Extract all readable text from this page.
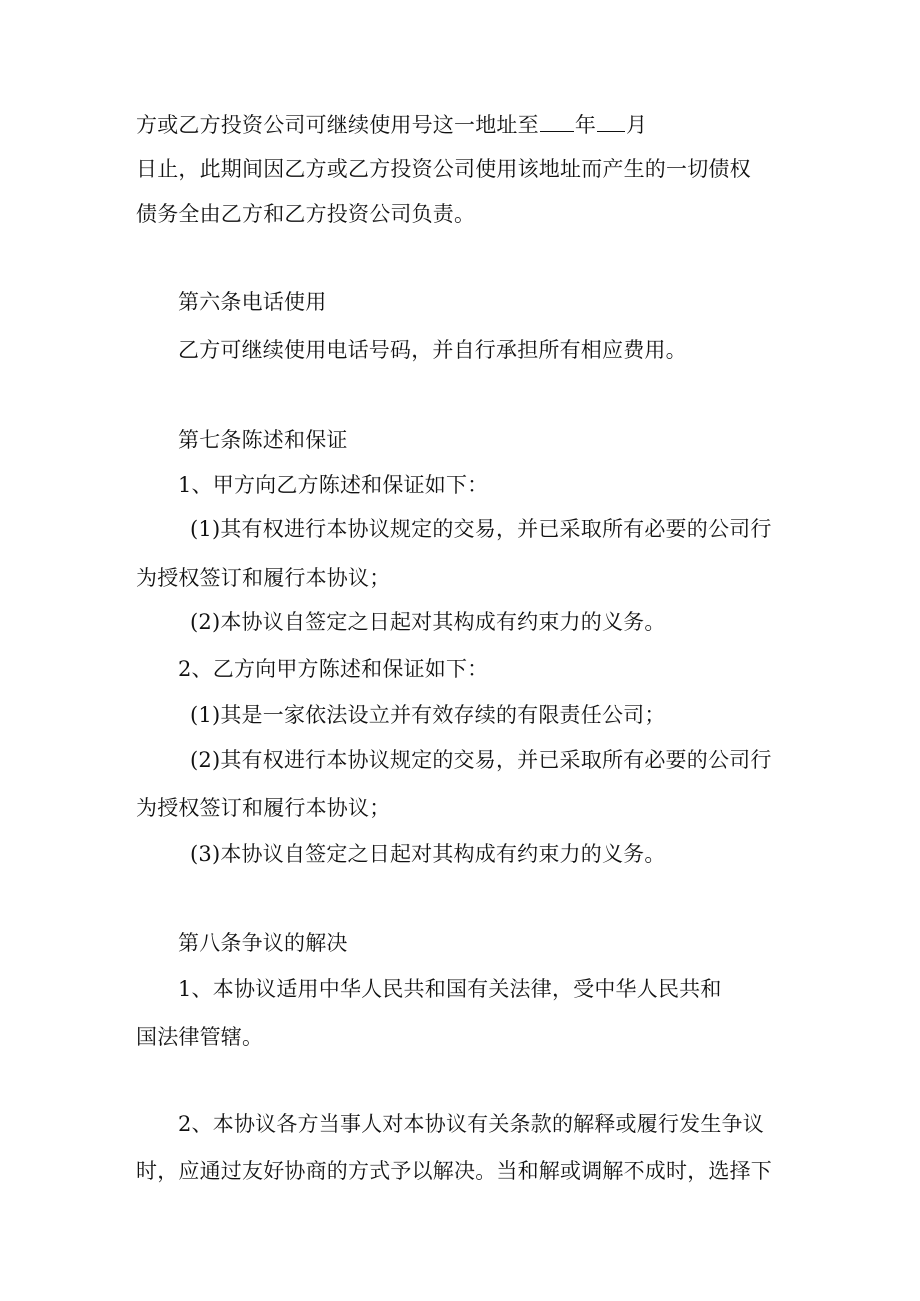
方或乙方投资公司可继续使用号这一地址至 年 月
日止，此期间因乙方或乙方投资公司使用该地址而产生的一切债权
债务全由乙方和乙方投资公司负责。
第六条电话使用
乙方可继续使用电话号码，并自行承担所有相应费用。
第七条陈述和保证
1、甲方向乙方陈述和保证如下：
(1)其有权进行本协议规定的交易，并已采取所有必要的公司行
为授权签订和履行本协议；
(2)本协议自签定之日起对其构成有约束力的义务。
2、乙方向甲方陈述和保证如下：
(1)其是一家依法设立并有效存续的有限责任公司；
(2)其有权进行本协议规定的交易，并已采取所有必要的公司行
为授权签订和履行本协议；
(3)本协议自签定之日起对其构成有约束力的义务。
第八条争议的解决
1、本协议适用中华人民共和国有关法律，受中华人民共和
国法律管辖。
2、本协议各方当事人对本协议有关条款的解释或履行发生争议
时，应通过友好协商的方式予以解决。当和解或调解不成时，选择下
